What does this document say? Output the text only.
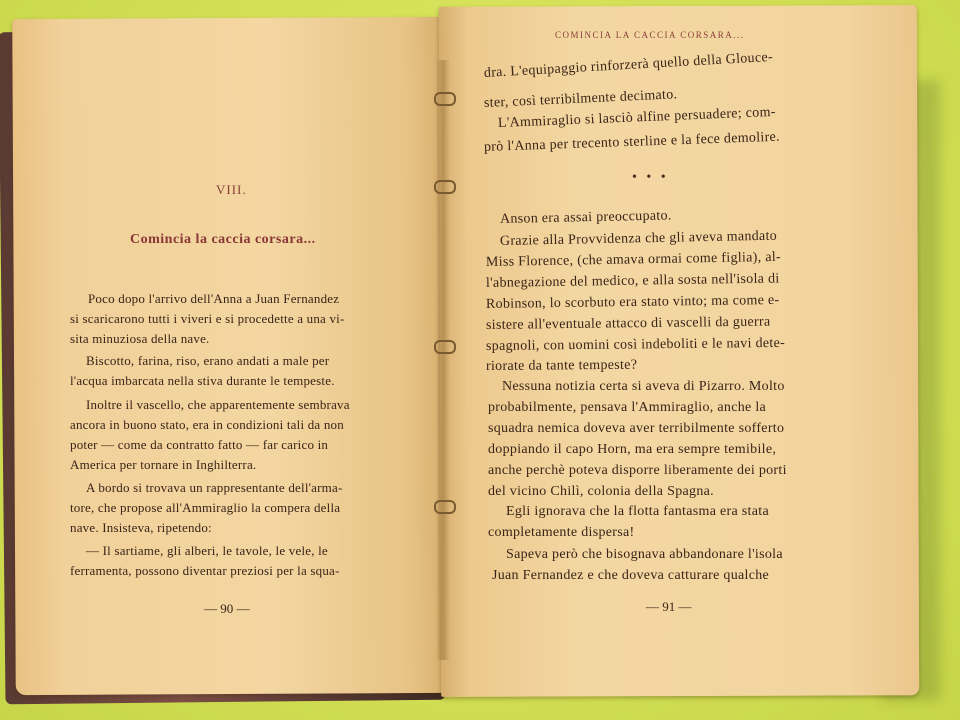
VIII.
Comincia la caccia corsara...
Poco dopo l'arrivo dell'Anna a Juan Fernandez
si scaricarono tutti i viveri e si procedette a una vi-
sita minuziosa della nave.
Biscotto, farina, riso, erano andati a male per
l'acqua imbarcata nella stiva durante le tempeste.
Inoltre il vascello, che apparentemente sembrava
ancora in buono stato, era in condizioni tali da non
poter — come da contratto fatto — far carico in
America per tornare in Inghilterra.
A bordo si trovava un rappresentante dell'arma-
tore, che propose all'Ammiraglio la compera della
nave. Insisteva, ripetendo:
— Il sartiame, gli alberi, le tavole, le vele, le
ferramenta, possono diventar preziosi per la squa-
— 90 —
COMINCIA LA CACCIA CORSARA...
dra. L'equipaggio rinforzerà quello della Glouce-
ster, così terribilmente decimato.
L'Ammiraglio si lasciò alfine persuadere; com-
prò l'Anna per trecento sterline e la fece demolire.
• • •
Anson era assai preoccupato.
Grazie alla Provvidenza che gli aveva mandato
Miss Florence, (che amava ormai come figlia), al-
l'abnegazione del medico, e alla sosta nell'isola di
Robinson, lo scorbuto era stato vinto; ma come e-
sistere all'eventuale attacco di vascelli da guerra
spagnoli, con uomini così indeboliti e le navi dete-
riorate da tante tempeste?
Nessuna notizia certa si aveva di Pizarro. Molto
probabilmente, pensava l'Ammiraglio, anche la
squadra nemica doveva aver terribilmente sofferto
doppiando il capo Horn, ma era sempre temibile,
anche perchè poteva disporre liberamente dei porti
del vicino Chilì, colonia della Spagna.
Egli ignorava che la flotta fantasma era stata
completamente dispersa!
Sapeva però che bisognava abbandonare l'isola
Juan Fernandez e che doveva catturare qualche
— 91 —
